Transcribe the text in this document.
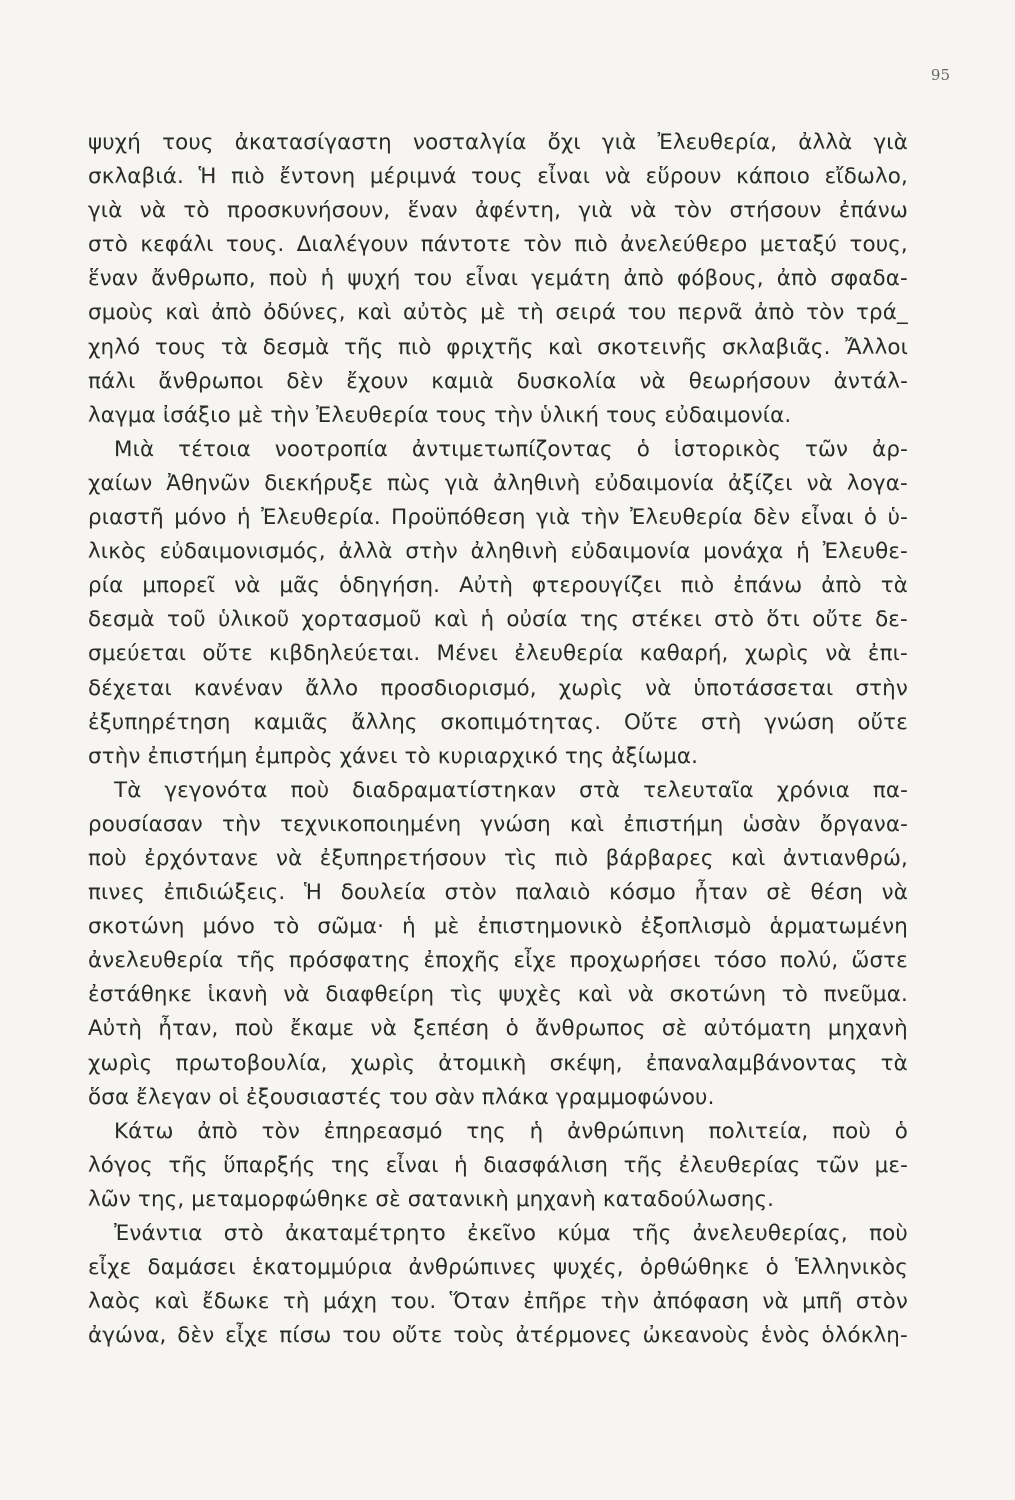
95
ψυχή τους ἀκατασίγαστη νοσταλγία ὄχι γιὰ Ἐλευθερία, ἀλλὰ γιὰ
σκλαβιά. Ἡ πιὸ ἔντονη μέριμνά τους εἶναι νὰ εὕρουν κάποιο εἴδωλο,
γιὰ νὰ τὸ προσκυνήσουν, ἕναν ἀφέντη, γιὰ νὰ τὸν στήσουν ἐπάνω
στὸ κεφάλι τους. Διαλέγουν πάντοτε τὸν πιὸ ἀνελεύθερο μεταξύ τους,
ἕναν ἄνθρωπο, ποὺ ἡ ψυχή του εἶναι γεμάτη ἀπὸ φόβους, ἀπὸ σφαδα-
σμοὺς καὶ ἀπὸ ὀδύνες, καὶ αὐτὸς μὲ τὴ σειρά του περνᾶ ἀπὸ τὸν τρά_
χηλό τους τὰ δεσμὰ τῆς πιὸ φριχτῆς καὶ σκοτεινῆς σκλαβιᾶς. Ἄλλοι
πάλι ἄνθρωποι δὲν ἔχουν καμιὰ δυσκολία νὰ θεωρήσουν ἀντάλ-
λαγμα ἰσάξιο μὲ τὴν Ἐλευθερία τους τὴν ὑλική τους εὐδαιμονία.
Μιὰ τέτοια νοοτροπία ἀντιμετωπίζοντας ὁ ἱστορικὸς τῶν ἀρ-
χαίων Ἀθηνῶν διεκήρυξε πὼς γιὰ ἀληθινὴ εὐδαιμονία ἀξίζει νὰ λογα-
ριαστῆ μόνο ἡ Ἐλευθερία. Προϋπόθεση γιὰ τὴν Ἐλευθερία δὲν εἶναι ὁ ὑ-
λικὸς εὐδαιμονισμός, ἀλλὰ στὴν ἀληθινὴ εὐδαιμονία μονάχα ἡ Ἐλευθε-
ρία μπορεῖ νὰ μᾶς ὁδηγήση. Αὐτὴ φτερουγίζει πιὸ ἐπάνω ἀπὸ τὰ
δεσμὰ τοῦ ὑλικοῦ χορτασμοῦ καὶ ἡ οὐσία της στέκει στὸ ὅτι οὔτε δε-
σμεύεται οὔτε κιβδηλεύεται. Μένει ἐλευθερία καθαρή, χωρὶς νὰ ἐπι-
δέχεται κανέναν ἄλλο προσδιορισμό, χωρὶς νὰ ὑποτάσσεται στὴν
ἐξυπηρέτηση καμιᾶς ἄλλης σκοπιμότητας. Οὔτε στὴ γνώση οὔτε
στὴν ἐπιστήμη ἐμπρὸς χάνει τὸ κυριαρχικό της ἀξίωμα.
Τὰ γεγονότα ποὺ διαδραματίστηκαν στὰ τελευταῖα χρόνια πα-
ρουσίασαν τὴν τεχνικοποιημένη γνώση καὶ ἐπιστήμη ὡσὰν ὄργανα-
ποὺ ἐρχόντανε νὰ ἐξυπηρετήσουν τὶς πιὸ βάρβαρες καὶ ἀντιανθρώ,
πινες ἐπιδιώξεις. Ἡ δουλεία στὸν παλαιὸ κόσμο ἦταν σὲ θέση νὰ
σκοτώνη μόνο τὸ σῶμα· ἡ μὲ ἐπιστημονικὸ ἐξοπλισμὸ ἁρματωμένη
ἀνελευθερία τῆς πρόσφατης ἐποχῆς εἶχε προχωρήσει τόσο πολύ, ὥστε
ἐστάθηκε ἱκανὴ νὰ διαφθείρη τὶς ψυχὲς καὶ νὰ σκοτώνη τὸ πνεῦμα.
Αὐτὴ ἦταν, ποὺ ἔκαμε νὰ ξεπέση ὁ ἄνθρωπος σὲ αὐτόματη μηχανὴ
χωρὶς πρωτοβουλία, χωρὶς ἀτομικὴ σκέψη, ἐπαναλαμβάνοντας τὰ
ὅσα ἔλεγαν οἱ ἐξουσιαστές του σὰν πλάκα γραμμοφώνου.
Κάτω ἀπὸ τὸν ἐπηρεασμό της ἡ ἀνθρώπινη πολιτεία, ποὺ ὁ
λόγος τῆς ὕπαρξής της εἶναι ἡ διασφάλιση τῆς ἐλευθερίας τῶν με-
λῶν της, μεταμορφώθηκε σὲ σατανικὴ μηχανὴ καταδούλωσης.
Ἐνάντια στὸ ἀκαταμέτρητο ἐκεῖνο κύμα τῆς ἀνελευθερίας, ποὺ
εἶχε δαμάσει ἑκατομμύρια ἀνθρώπινες ψυχές, ὀρθώθηκε ὁ Ἑλληνικὸς
λαὸς καὶ ἔδωκε τὴ μάχη του. Ὅταν ἐπῆρε τὴν ἀπόφαση νὰ μπῆ στὸν
ἀγώνα, δὲν εἶχε πίσω του οὔτε τοὺς ἀτέρμονες ὠκεανοὺς ἑνὸς ὁλόκλη-
